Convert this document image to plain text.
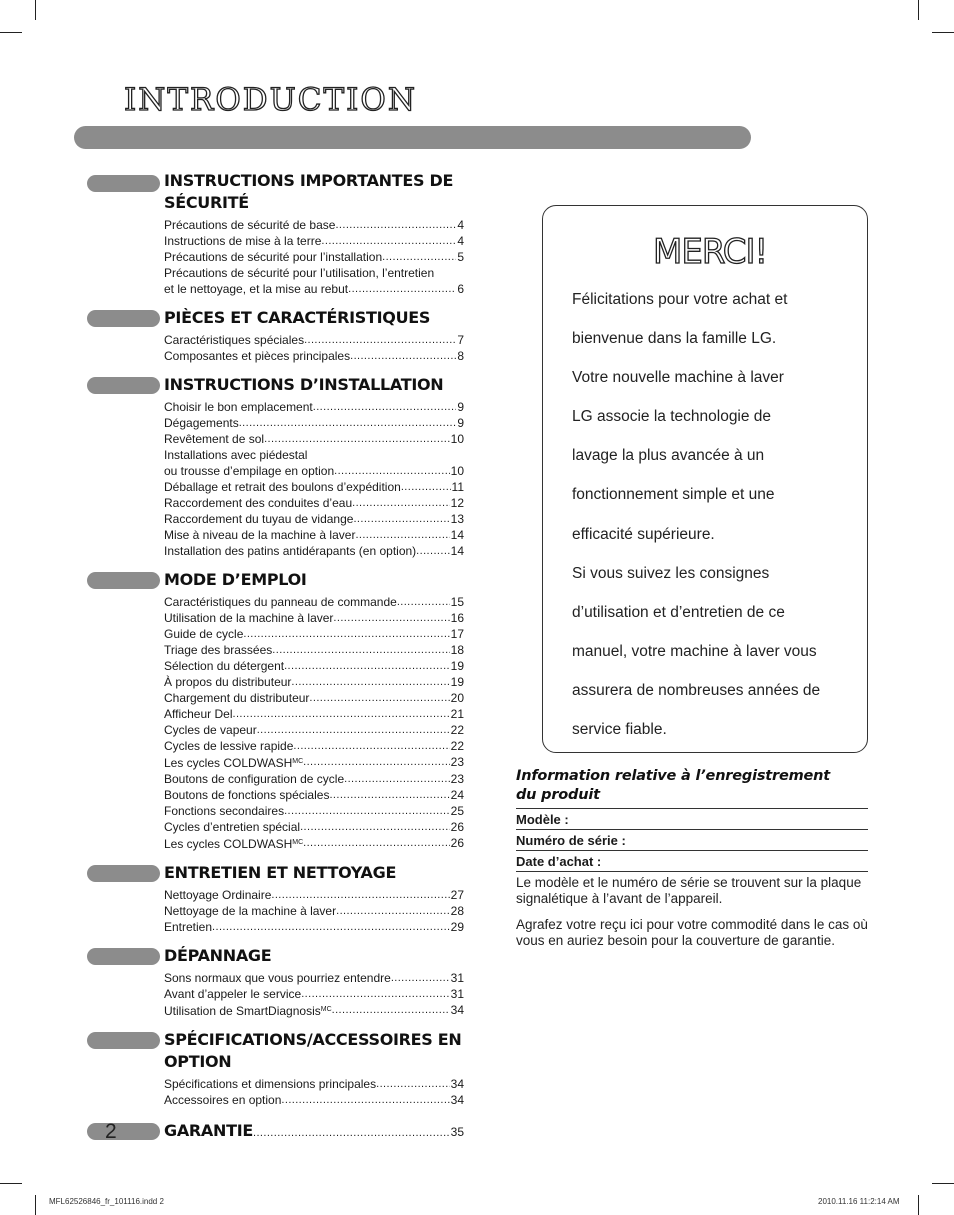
INTRODUCTION
INSTRUCTIONS IMPORTANTES DE
SÉCURITÉ
Précautions de sécurité de base .....	4
Instructions de mise à la terre .....	4
Précautions de sécurité pour l’installation .....	5
Précautions de sécurité pour l’utilisation, l’entretien
et le nettoyage, et la mise au rebut .....	6
PIÈCES ET CARACTÉRISTIQUES
Caractéristiques spéciales .....	7
Composantes et pièces principales .....	8
INSTRUCTIONS D’INSTALLATION
Choisir le bon emplacement .....	9
Dégagements .....	9
Revêtement de sol .....	10
Installations avec piédestal
ou trousse d’empilage en option .....	10
Déballage et retrait des boulons d’expédition .....	11
Raccordement des conduites d’eau .....	12
Raccordement du tuyau de vidange .....	13
Mise à niveau de la machine à laver .....	14
Installation des patins antidérapants (en option) .....	14
MODE D’EMPLOI
Caractéristiques du panneau de commande .....	15
Utilisation de la machine à laver .....	16
Guide de cycle .....	17
Triage des brassées .....	18
Sélection du détergent .....	19
À propos du distributeur .....	19
Chargement du distributeur .....	20
Afficheur Del .....	21
Cycles de vapeur .....	22
Cycles de lessive rapide .....	22
Les cycles $COLDWASH^{MC}$ .....	23
Boutons de configuration de cycle .....	23
Boutons de fonctions spéciales .....	24
Fonctions secondaires .....	25
Cycles d’entretien spécial .....	26
Les cycles $COLDWASH^{MC}$ .....	26
ENTRETIEN ET NETTOYAGE
Nettoyage Ordinaire .....	27
Nettoyage de la machine à laver .....	28
Entretien .....	29
DÉPANNAGE
Sons normaux que vous pourriez entendre .....	31
Avant d’appeler le service .....	31
Utilisation de SmartDiagnosis$^{MC}$ .....	34
SPÉCIFICATIONS/ACCESSOIRES EN OPTION
Spécifications et dimensions principales .....	34
Accessoires en option .....	34
GARANTIE .....	35
MERCI!
Félicitations pour votre achat et
bienvenue dans la famille LG.
Votre nouvelle machine à laver
LG associe la technologie de
lavage la plus avancée à un
fonctionnement simple et une
efficacité supérieure.
Si vous suivez les consignes
d’utilisation et d’entretien de ce
manuel, votre machine à laver vous
assurera de nombreuses années de
service fiable.
Information relative à l’enregistrement
du produit
Modèle :
Numéro de série :
Date d’achat :
Le modèle et le numéro de série se trouvent sur la plaque signalétique à l’avant de l’appareil.
Agrafez votre reçu ici pour votre commodité dans le cas où vous en auriez besoin pour la couverture de garantie.
2
MFL62526846_fr_101116.indd 2	2010.11.16 11:2:14 AM
